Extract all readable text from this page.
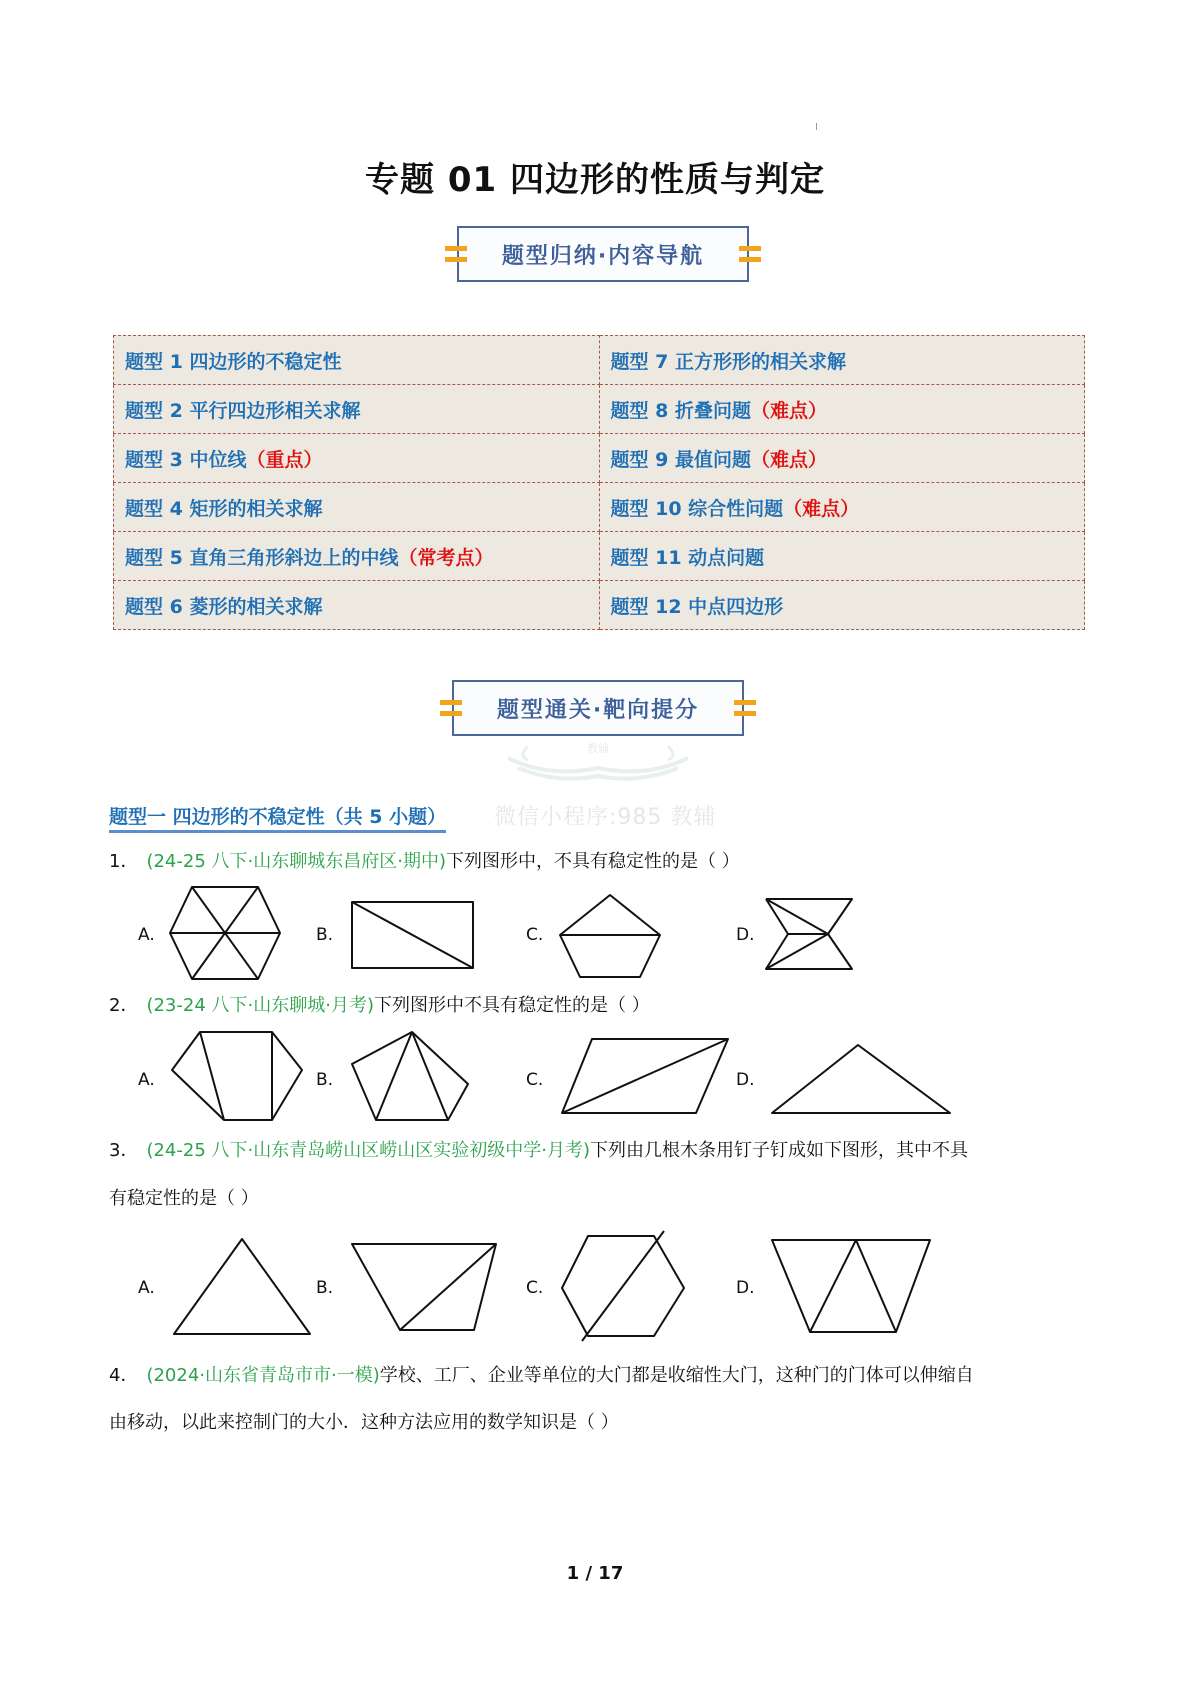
专题 01 四边形的性质与判定
题型归纳·内容导航
题型 1 四边形的不稳定性	题型 7 正方形形的相关求解
题型 2 平行四边形相关求解	题型 8 折叠问题（难点）
题型 3 中位线（重点）	题型 9 最值问题（难点）
题型 4 矩形的相关求解	题型 10 综合性问题（难点）
题型 5 直角三角形斜边上的中线（常考点）	题型 11 动点问题
题型 6 菱形的相关求解	题型 12 中点四边形
题型通关·靶向提分
教辅
题型一 四边形的不稳定性（共 5 小题） 微信小程序:985 教辅
1． (24-25 八下·山东聊城东昌府区·期中)下列图形中，不具有稳定性的是（ ）
A.	B.	C.	D.
2． (23-24 八下·山东聊城·月考)下列图形中不具有稳定性的是（ ）
A.	B.	C.	D.
3． (24-25 八下·山东青岛崂山区崂山区实验初级中学·月考)下列由几根木条用钉子钉成如下图形，其中不具
有稳定性的是（ ）
A.	B.	C.	D.
4． (2024·山东省青岛市市·一模)学校、工厂、企业等单位的大门都是收缩性大门，这种门的门体可以伸缩自
由移动，以此来控制门的大小．这种方法应用的数学知识是（ ）
1 / 17
